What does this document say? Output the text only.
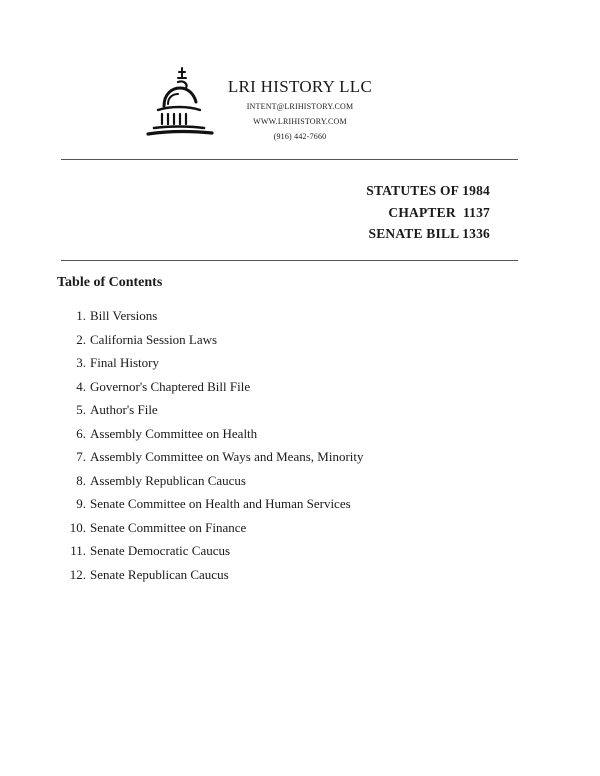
LRI HISTORY LLC
INTENT@LRIHISTORY.COM
WWW.LRIHISTORY.COM
(916) 442-7660
STATUTES OF 1984
CHAPTER  1137
SENATE BILL 1336
Table of Contents
1. Bill Versions
2. California Session Laws
3. Final History
4. Governor's Chaptered Bill File
5. Author's File
6. Assembly Committee on Health
7. Assembly Committee on Ways and Means, Minority
8. Assembly Republican Caucus
9. Senate Committee on Health and Human Services
10. Senate Committee on Finance
11. Senate Democratic Caucus
12. Senate Republican Caucus
